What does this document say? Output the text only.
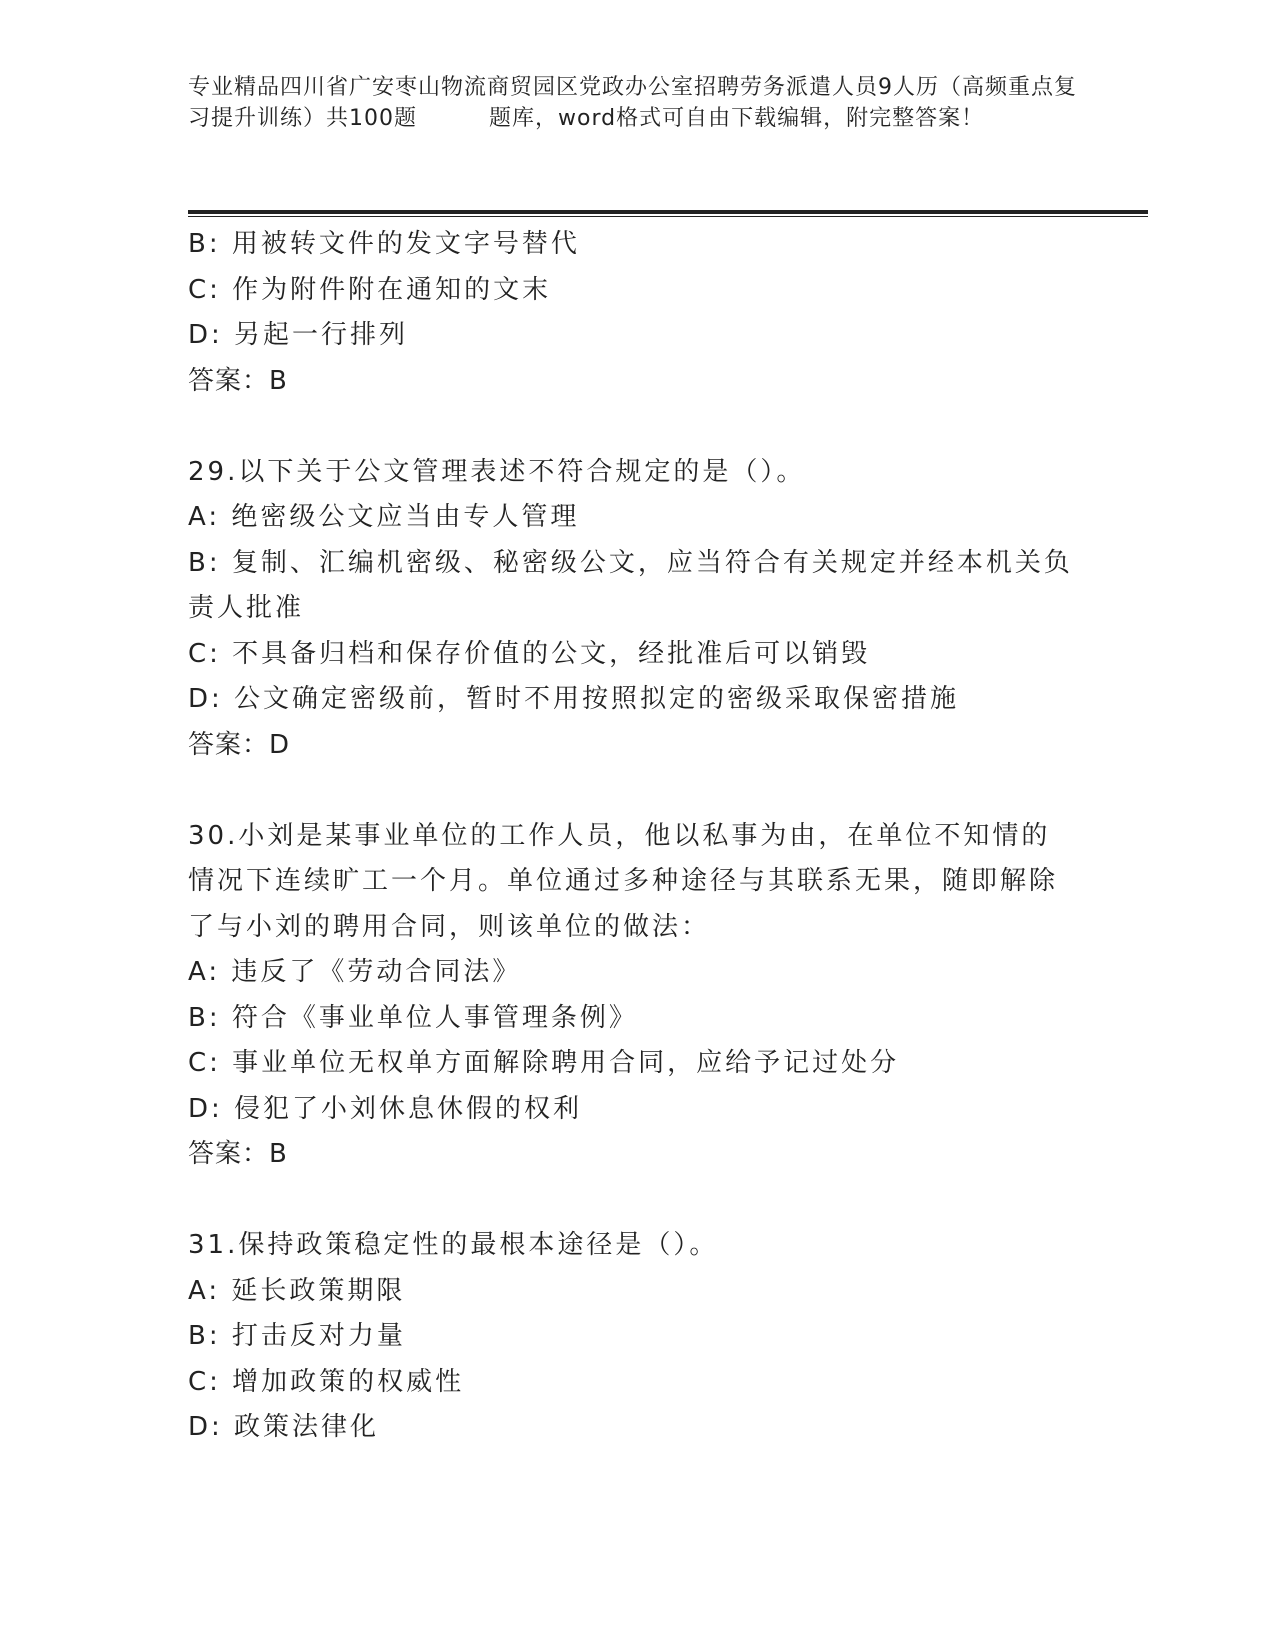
专业精品四川省广安枣山物流商贸园区党政办公室招聘劳务派遣人员9人历（高频重点复习提升训练）共100题	题库，word格式可自由下载编辑，附完整答案！
B: 用被转文件的发文字号替代
C: 作为附件附在通知的文末
D: 另起一行排列
答案：B
29.以下关于公文管理表述不符合规定的是（）。
A: 绝密级公文应当由专人管理
B: 复制、汇编机密级、秘密级公文，应当符合有关规定并经本机关负责人批准
C: 不具备归档和保存价值的公文，经批准后可以销毁
D: 公文确定密级前，暂时不用按照拟定的密级采取保密措施
答案：D
30.小刘是某事业单位的工作人员，他以私事为由，在单位不知情的情况下连续旷工一个月。单位通过多种途径与其联系无果，随即解除了与小刘的聘用合同，则该单位的做法：
A: 违反了《劳动合同法》
B: 符合《事业单位人事管理条例》
C: 事业单位无权单方面解除聘用合同，应给予记过处分
D: 侵犯了小刘休息休假的权利
答案：B
31.保持政策稳定性的最根本途径是（）。
A: 延长政策期限
B: 打击反对力量
C: 增加政策的权威性
D: 政策法律化
